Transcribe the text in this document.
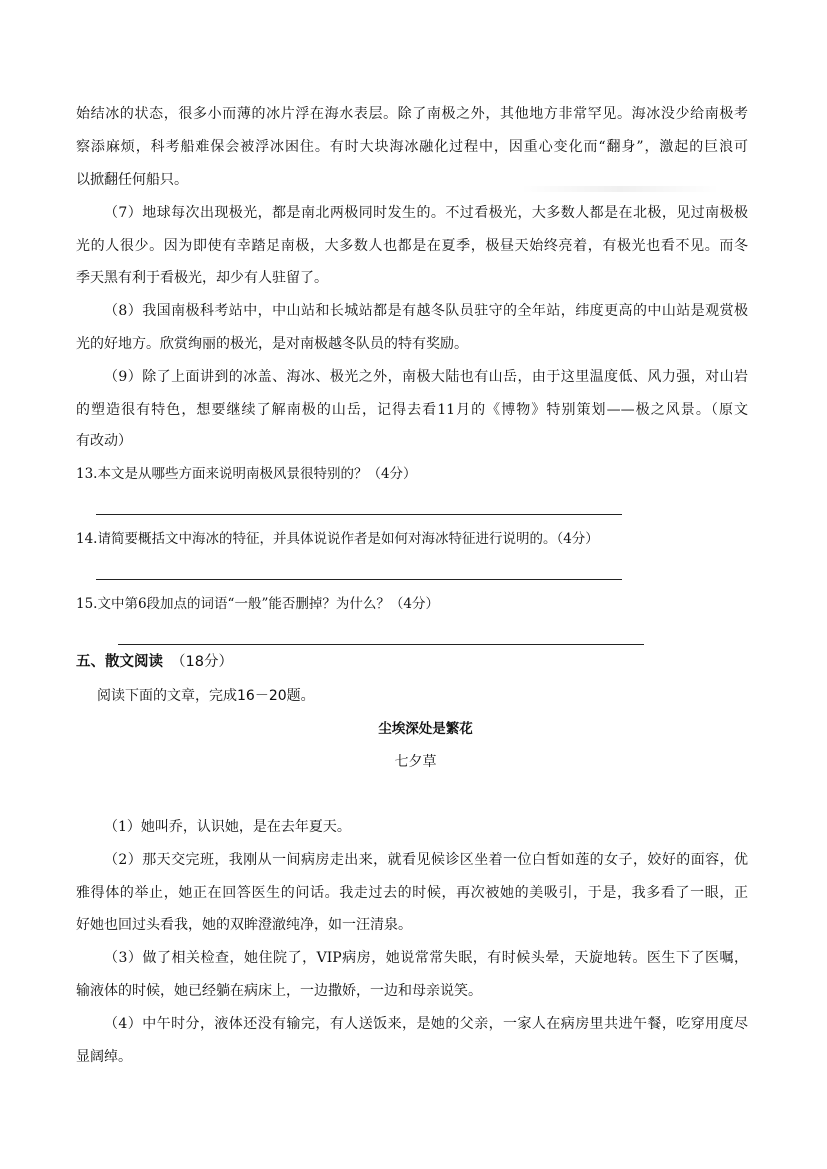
始结冰的状态，很多小而薄的冰片浮在海水表层。除了南极之外，其他地方非常罕见。海冰没少给南极考
察添麻烦，科考船难保会被浮冰困住。有时大块海冰融化过程中，因重心变化而“翻身”，激起的巨浪可
以掀翻任何船只。
（7）地球每次出现极光，都是南北两极同时发生的。不过看极光，大多数人都是在北极，见过南极极
光的人很少。因为即使有幸踏足南极，大多数人也都是在夏季，极昼天始终亮着，有极光也看不见。而冬
季天黑有利于看极光，却少有人驻留了。
（8）我国南极科考站中，中山站和长城站都是有越冬队员驻守的全年站，纬度更高的中山站是观赏极
光的好地方。欣赏绚丽的极光，是对南极越冬队员的特有奖励。
（9）除了上面讲到的冰盖、海冰、极光之外，南极大陆也有山岳，由于这里温度低、风力强，对山岩
的塑造很有特色，想要继续了解南极的山岳，记得去看11月的《博物》特别策划——极之风景。（原文
有改动）
13.本文是从哪些方面来说明南极风景很特别的？（4分）
14.请简要概括文中海冰的特征，并具体说说作者是如何对海冰特征进行说明的。（4分）
15.文中第6段加点的词语“一般”能否删掉？为什么？（4分）
五、散文阅读 （18分）
阅读下面的文章，完成16－20题。
尘埃深处是繁花
七夕草
（1）她叫乔，认识她，是在去年夏天。
（2）那天交完班，我刚从一间病房走出来，就看见候诊区坐着一位白皙如莲的女子，姣好的面容，优
雅得体的举止，她正在回答医生的问话。我走过去的时候，再次被她的美吸引，于是，我多看了一眼，正
好她也回过头看我，她的双眸澄澈纯净，如一汪清泉。
（3）做了相关检查，她住院了，VIP病房，她说常常失眠，有时候头晕，天旋地转。医生下了医嘱，
输液体的时候，她已经躺在病床上，一边撒娇，一边和母亲说笑。
（4）中午时分，液体还没有输完，有人送饭来，是她的父亲，一家人在病房里共进午餐，吃穿用度尽
显阔绰。
